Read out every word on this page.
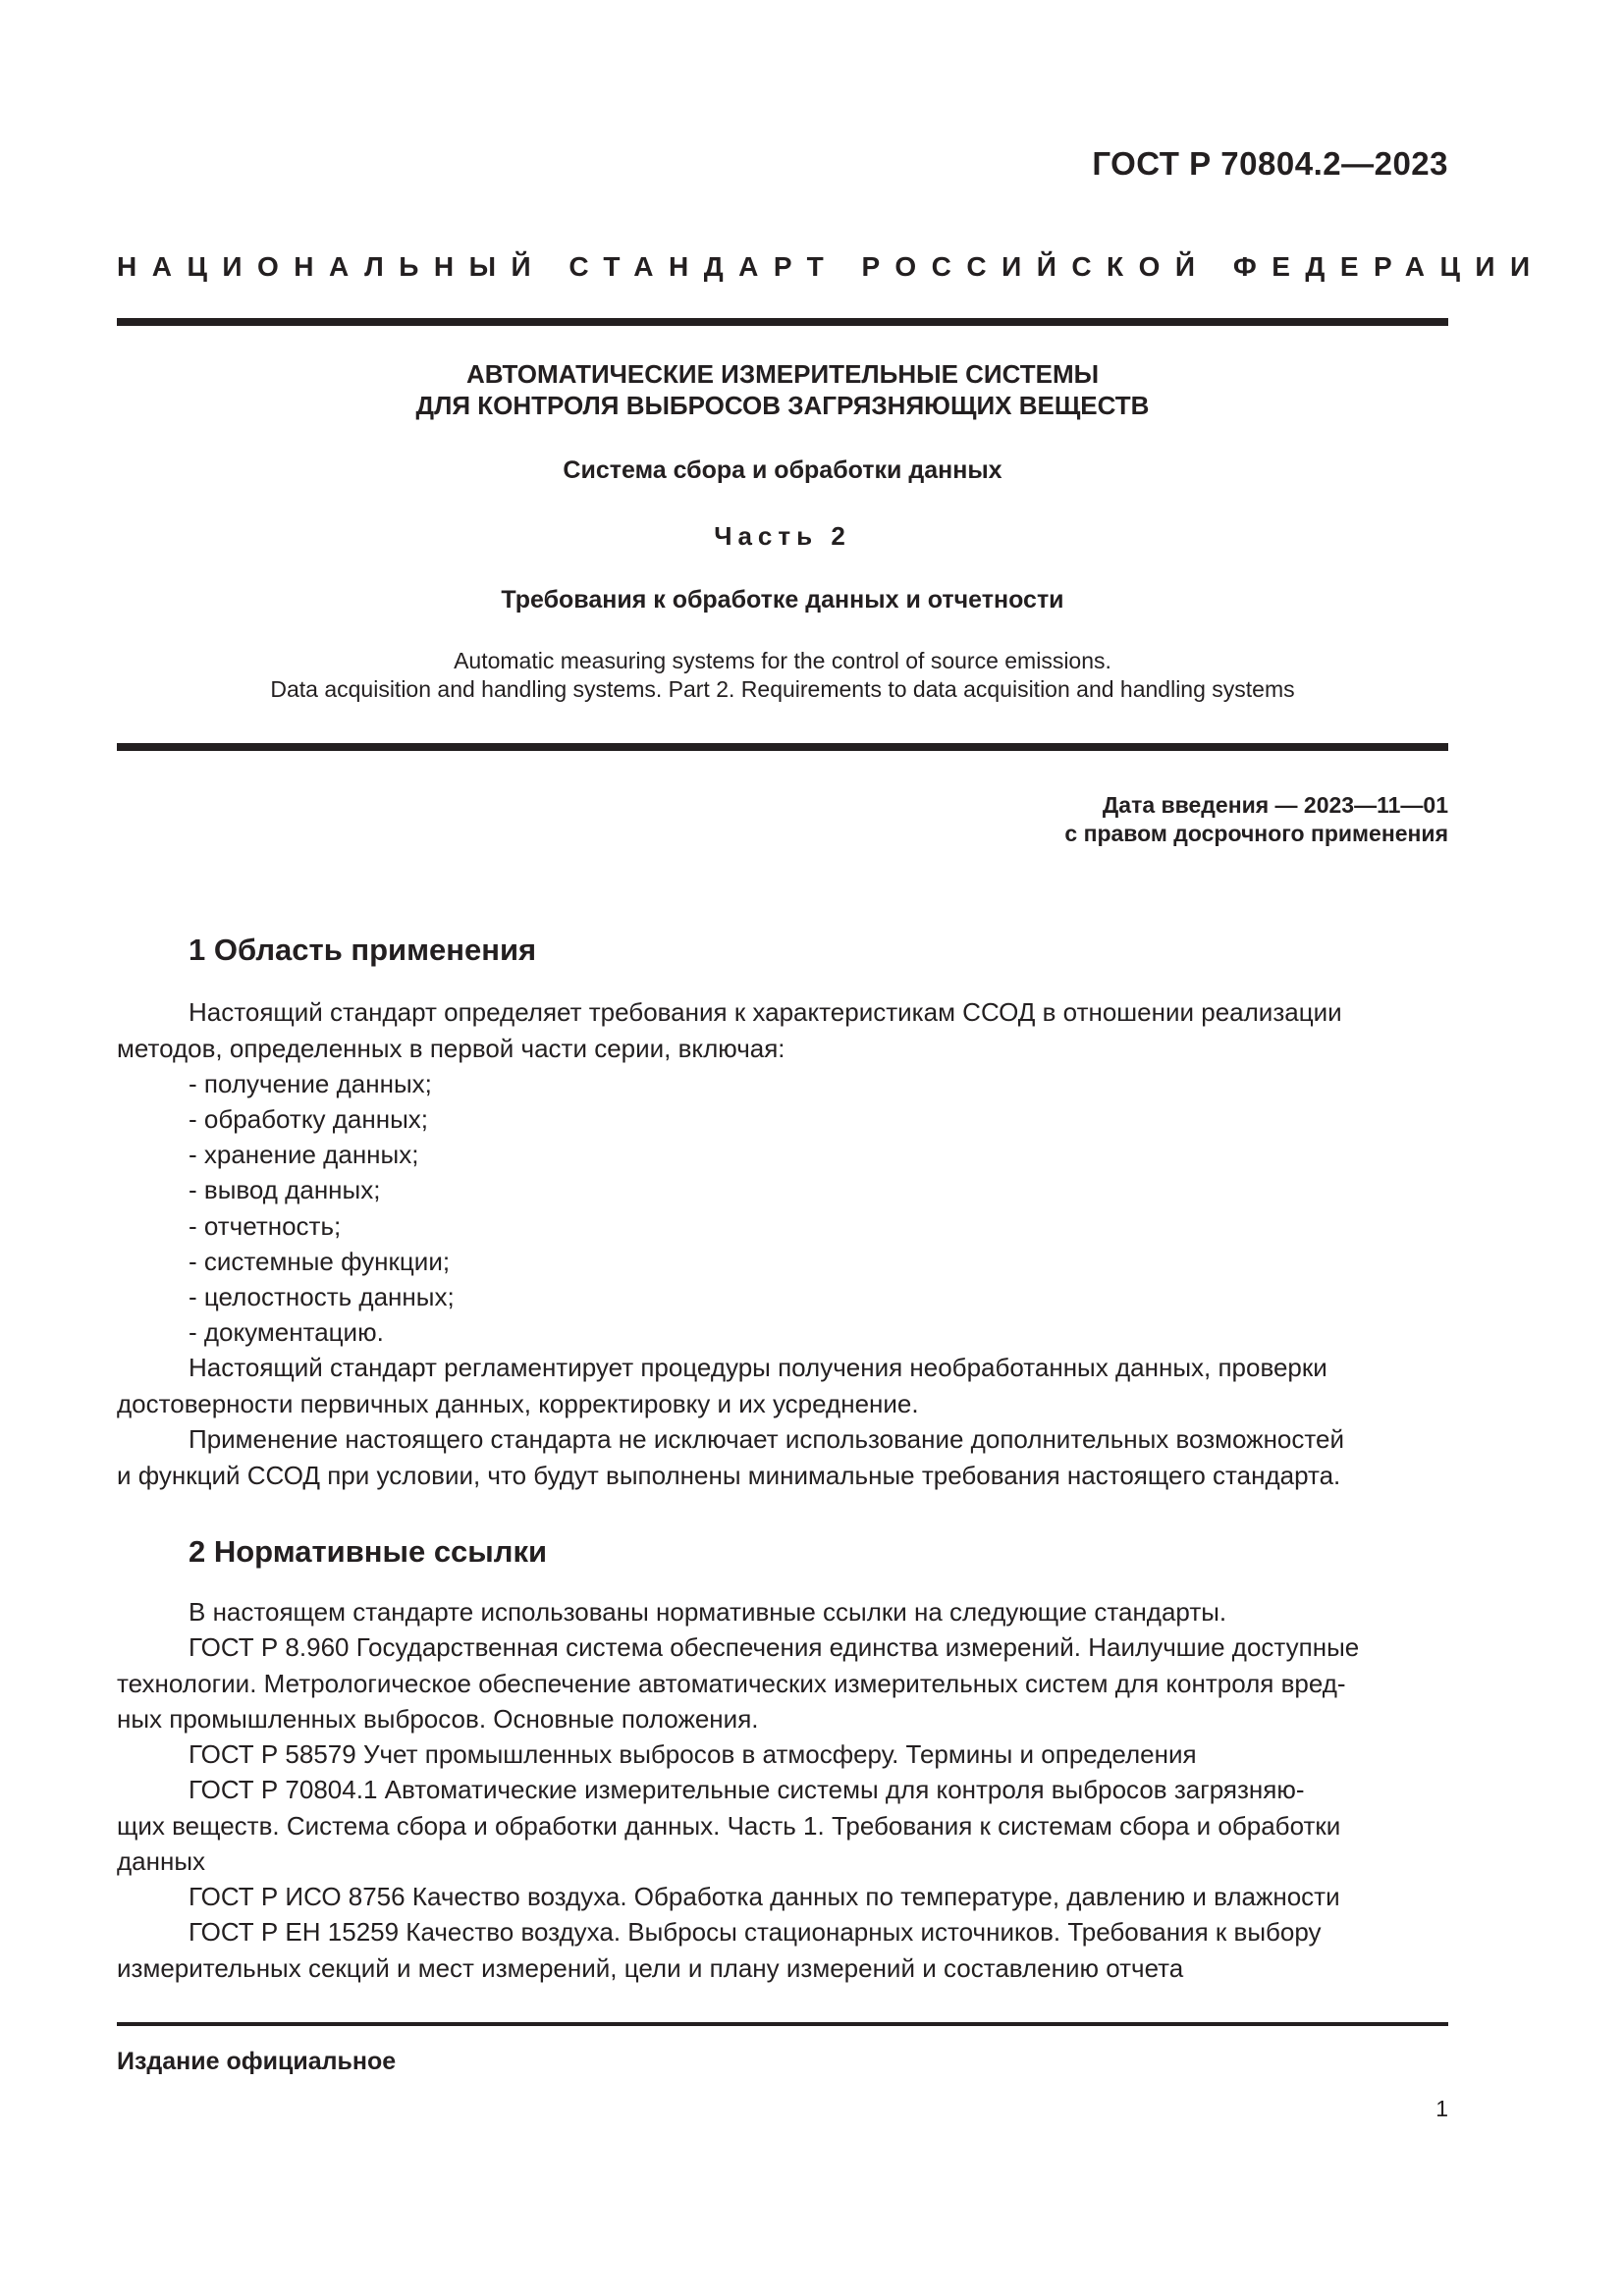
ГОСТ Р 70804.2—2023
НАЦИОНАЛЬНЫЙ СТАНДАРТ РОССИЙСКОЙ ФЕДЕРАЦИИ
АВТОМАТИЧЕСКИЕ ИЗМЕРИТЕЛЬНЫЕ СИСТЕМЫ
ДЛЯ КОНТРОЛЯ ВЫБРОСОВ ЗАГРЯЗНЯЮЩИХ ВЕЩЕСТВ
Система сбора и обработки данных
Часть 2
Требования к обработке данных и отчетности
Automatic measuring systems for the control of source emissions.
Data acquisition and handling systems. Part 2. Requirements to data acquisition and handling systems
Дата введения — 2023—11—01
с правом досрочного применения
1 Область применения
Настоящий стандарт определяет требования к характеристикам ССОД в отношении реализации
методов, определенных в первой части серии, включая:
- получение данных;
- обработку данных;
- хранение данных;
- вывод данных;
- отчетность;
- системные функции;
- целостность данных;
- документацию.
Настоящий стандарт регламентирует процедуры получения необработанных данных, проверки
достоверности первичных данных, корректировку и их усреднение.
Применение настоящего стандарта не исключает использование дополнительных возможностей
и функций ССОД при условии, что будут выполнены минимальные требования настоящего стандарта.
2 Нормативные ссылки
В настоящем стандарте использованы нормативные ссылки на следующие стандарты.
ГОСТ Р 8.960 Государственная система обеспечения единства измерений. Наилучшие доступные
технологии. Метрологическое обеспечение автоматических измерительных систем для контроля вред-
ных промышленных выбросов. Основные положения.
ГОСТ Р 58579 Учет промышленных выбросов в атмосферу. Термины и определения
ГОСТ Р 70804.1 Автоматические измерительные системы для контроля выбросов загрязняю-
щих веществ. Система сбора и обработки данных. Часть 1. Требования к системам сбора и обработки
данных
ГОСТ Р ИСО 8756 Качество воздуха. Обработка данных по температуре, давлению и влажности
ГОСТ Р ЕН 15259 Качество воздуха. Выбросы стационарных источников. Требования к выбору
измерительных секций и мест измерений, цели и плану измерений и составлению отчета
Издание официальное
1
